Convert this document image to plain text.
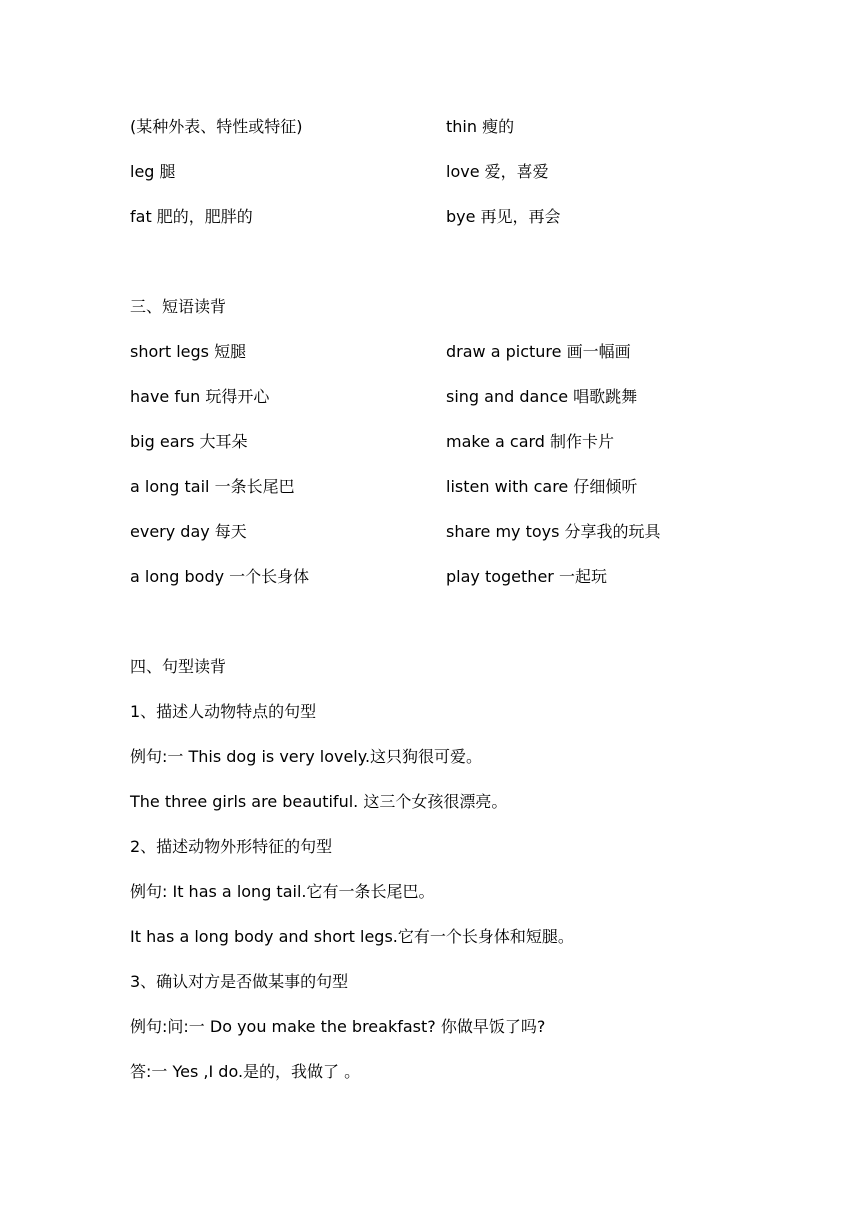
(某种外表、特性或特征)	thin 瘦的
leg 腿	love 爱，喜爱
fat 肥的，肥胖的	bye 再见，再会
三、短语读背
short legs 短腿	draw a picture 画一幅画
have fun 玩得开心	sing and dance 唱歌跳舞
big ears 大耳朵	make a card 制作卡片
a long tail 一条长尾巴	listen with care 仔细倾听
every day 每天	share my toys 分享我的玩具
a long body 一个长身体	play together 一起玩
四、句型读背
1、描述人动物特点的句型
例句:一 This dog is very lovely.这只狗很可爱。
The three girls are beautiful. 这三个女孩很漂亮。
2、描述动物外形特征的句型
例句: It has a long tail.它有一条长尾巴。
It has a long body and short legs.它有一个长身体和短腿。
3、确认对方是否做某事的句型
例句:问:一 Do you make the breakfast? 你做早饭了吗?
答:一 Yes ,I do.是的，我做了 。
